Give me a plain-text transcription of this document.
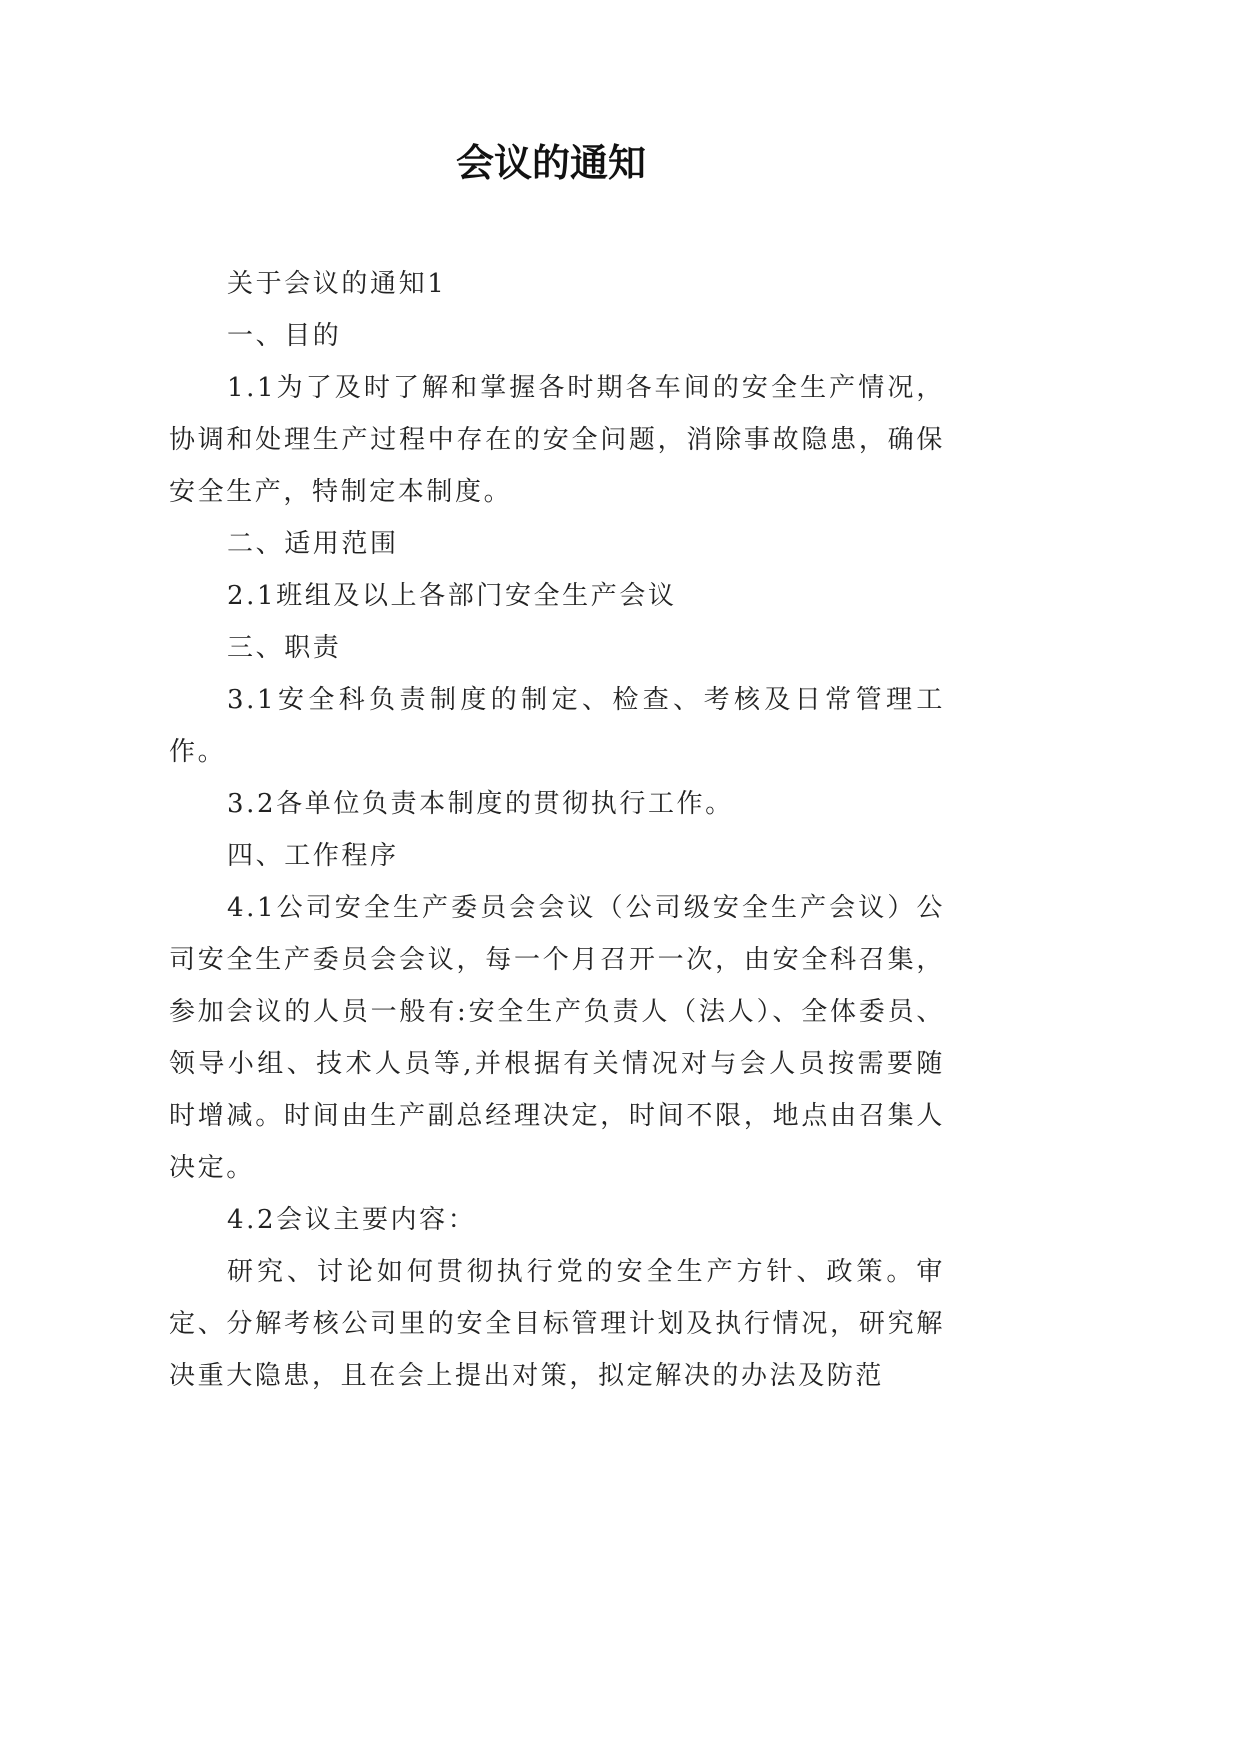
会议的通知

关于会议的通知1

一、目的

1.1为了及时了解和掌握各时期各车间的安全生产情况，协调和处理生产过程中存在的安全问题，消除事故隐患，确保安全生产，特制定本制度。

二、适用范围

2.1班组及以上各部门安全生产会议

三、职责

3.1安全科负责制度的制定、检查、考核及日常管理工作。

3.2各单位负责本制度的贯彻执行工作。

四、工作程序

4.1公司安全生产委员会会议（公司级安全生产会议）公司安全生产委员会会议，每一个月召开一次，由安全科召集，参加会议的人员一般有:安全生产负责人（法人）、全体委员、领导小组、技术人员等,并根据有关情况对与会人员按需要随时增减。时间由生产副总经理决定，时间不限，地点由召集人决定。

4.2会议主要内容：

研究、讨论如何贯彻执行党的安全生产方针、政策。审定、分解考核公司里的安全目标管理计划及执行情况，研究解决重大隐患，且在会上提出对策，拟定解决的办法及防范
